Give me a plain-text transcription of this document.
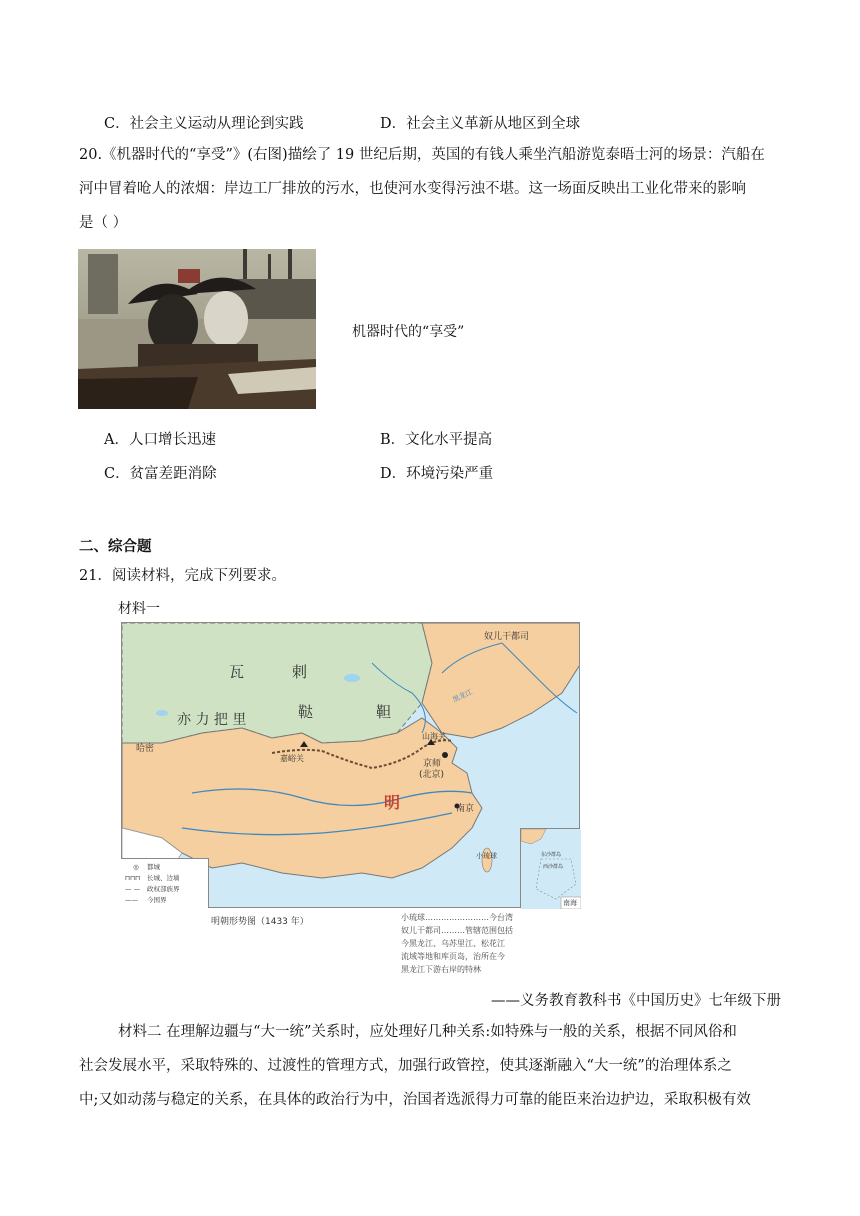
C．社会主义运动从理论到实践	D．社会主义革新从地区到全球
20.《机器时代的“享受”》(右图)描绘了 19 世纪后期，英国的有钱人乘坐汽船游览泰晤士河的场景：汽船在
河中冒着呛人的浓烟：岸边工厂排放的污水，也使河水变得污浊不堪。这一场面反映出工业化带来的影响
是（ ）
机器时代的“享受”
A．人口增长迅速	B．文化水平提高
C．贫富差距消除	D．环境污染严重
二、综合题
21．阅读材料，完成下列要求。
材料一
奴儿干都司
瓦	剌
鞑	靼
亦 力 把 里
哈密
嘉峪关
山海关
京师
(北京)
明	南京
小琉球
黑龙江
东沙群岛
西沙群岛
南海
◎ 都城
⊓⊓⊓ 长城、边墙
— — 政权部族界
—— 今国界
明朝形势图（1433 年）	小琉球……………………今台湾
奴儿干都司………管辖范围包括
今黑龙江、乌苏里江、松花江
流域等地和库页岛，治所在今
黑龙江下游右岸的特林
——义务教育教科书《中国历史》七年级下册
材料二 在理解边疆与“大一统”关系时，应处理好几种关系:如特殊与一般的关系，根据不同风俗和
社会发展水平，采取特殊的、过渡性的管理方式，加强行政管控，使其逐渐融入“大一统”的治理体系之
中;又如动荡与稳定的关系，在具体的政治行为中，治国者选派得力可靠的能臣来治边护边，采取积极有效
